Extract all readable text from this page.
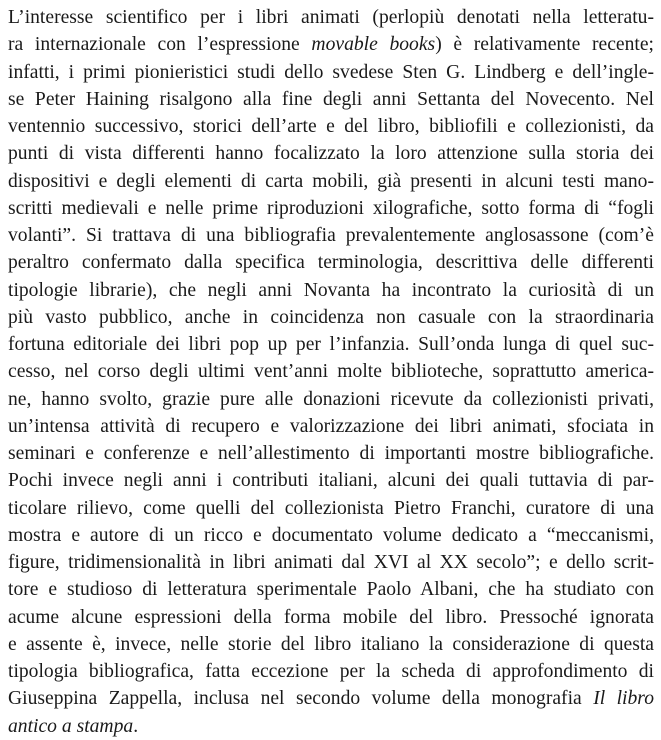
L’interesse scientifico per i libri animati (perlopiù denotati nella letteratu-
ra internazionale con l’espressione movable books) è relativamente recente;
infatti, i primi pionieristici studi dello svedese Sten G. Lindberg e dell’ingle-
se Peter Haining risalgono alla fine degli anni Settanta del Novecento. Nel
ventennio successivo, storici dell’arte e del libro, bibliofili e collezionisti, da
punti di vista differenti hanno focalizzato la loro attenzione sulla storia dei
dispositivi e degli elementi di carta mobili, già presenti in alcuni testi mano-
scritti medievali e nelle prime riproduzioni xilografiche, sotto forma di “fogli
volanti”. Si trattava di una bibliografia prevalentemente anglosassone (com’è
peraltro confermato dalla specifica terminologia, descrittiva delle differenti
tipologie librarie), che negli anni Novanta ha incontrato la curiosità di un
più vasto pubblico, anche in coincidenza non casuale con la straordinaria
fortuna editoriale dei libri pop up per l’infanzia. Sull’onda lunga di quel suc-
cesso, nel corso degli ultimi vent’anni molte biblioteche, soprattutto america-
ne, hanno svolto, grazie pure alle donazioni ricevute da collezionisti privati,
un’intensa attività di recupero e valorizzazione dei libri animati, sfociata in
seminari e conferenze e nell’allestimento di importanti mostre bibliografiche.
Pochi invece negli anni i contributi italiani, alcuni dei quali tuttavia di par-
ticolare rilievo, come quelli del collezionista Pietro Franchi, curatore di una
mostra e autore di un ricco e documentato volume dedicato a “meccanismi,
figure, tridimensionalità in libri animati dal XVI al XX secolo”; e dello scrit-
tore e studioso di letteratura sperimentale Paolo Albani, che ha studiato con
acume alcune espressioni della forma mobile del libro. Pressoché ignorata
e assente è, invece, nelle storie del libro italiano la considerazione di questa
tipologia bibliografica, fatta eccezione per la scheda di approfondimento di
Giuseppina Zappella, inclusa nel secondo volume della monografia Il libro
antico a stampa.
